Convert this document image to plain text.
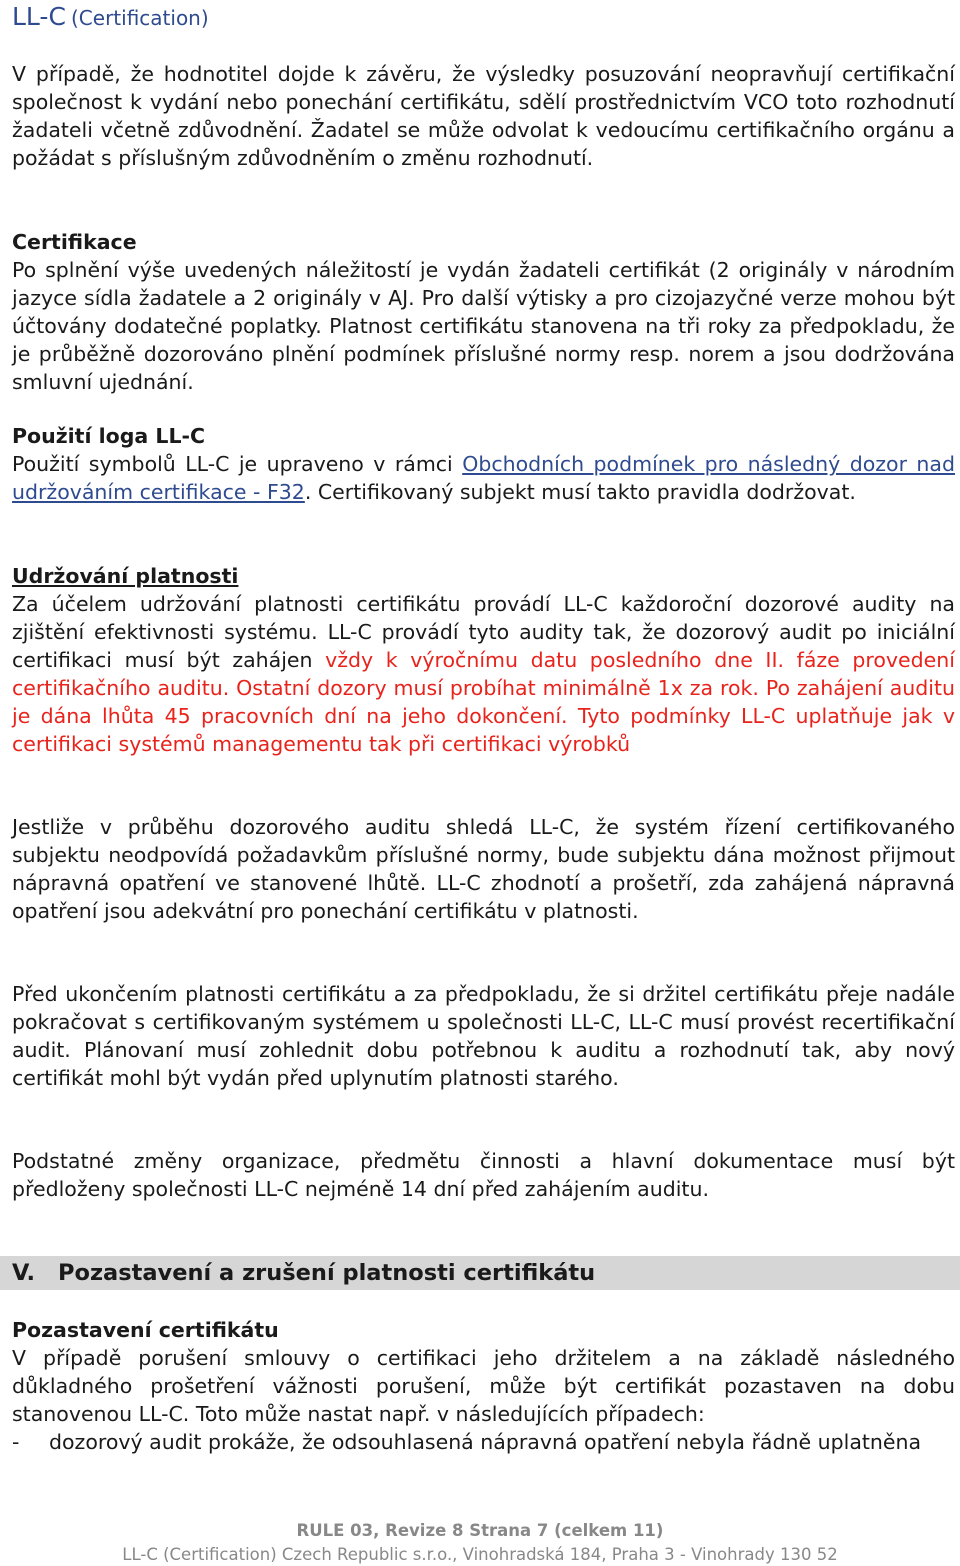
LL-C (Certification)
V případě, že hodnotitel dojde k závěru, že výsledky posuzování neopravňují certifikační společnost k vydání nebo ponechání certifikátu, sdělí prostřednictvím VCO toto rozhodnutí žadateli včetně zdůvodnění. Žadatel se může odvolat k vedoucímu certifikačního orgánu a požádat s příslušným zdůvodněním o změnu rozhodnutí.
Certifikace
Po splnění výše uvedených náležitostí je vydán žadateli certifikát (2 originály v národním jazyce sídla žadatele a 2 originály v AJ. Pro další výtisky a pro cizojazyčné verze mohou být účtovány dodatečné poplatky. Platnost certifikátu stanovena na tři roky za předpokladu, že je průběžně dozorováno plnění podmínek příslušné normy resp. norem a jsou dodržována smluvní ujednání.
Použití loga LL-C
Použití symbolů LL-C je upraveno v rámci Obchodních podmínek pro následný dozor nad udržováním certifikace - F32. Certifikovaný subjekt musí takto pravidla dodržovat.
Udržování platnosti
Za účelem udržování platnosti certifikátu provádí LL-C každoroční dozorové audity na zjištění efektivnosti systému. LL-C provádí tyto audity tak, že dozorový audit po iniciální certifikaci musí být zahájen vždy k výročnímu datu posledního dne II. fáze provedení certifikačního auditu. Ostatní dozory musí probíhat minimálně 1x za rok. Po zahájení auditu je dána lhůta 45 pracovních dní na jeho dokončení. Tyto podmínky LL-C uplatňuje jak v certifikaci systémů managementu tak při certifikaci výrobků
Jestliže v průběhu dozorového auditu shledá LL-C, že systém řízení certifikovaného subjektu neodpovídá požadavkům příslušné normy, bude subjektu dána možnost přijmout nápravná opatření ve stanovené lhůtě. LL-C zhodnotí a prošetří, zda zahájená nápravná opatření jsou adekvátní pro ponechání certifikátu v platnosti.
Před ukončením platnosti certifikátu a za předpokladu, že si držitel certifikátu přeje nadále pokračovat s certifikovaným systémem u společnosti LL-C, LL-C musí provést recertifikační audit. Plánovaní musí zohlednit dobu potřebnou k auditu a rozhodnutí tak, aby nový certifikát mohl být vydán před uplynutím platnosti starého.
Podstatné změny organizace, předmětu činnosti a hlavní dokumentace musí být předloženy společnosti LL-C nejméně 14 dní před zahájením auditu.
V. Pozastavení a zrušení platnosti certifikátu
Pozastavení certifikátu
V případě porušení smlouvy o certifikaci jeho držitelem a na základě následného důkladného prošetření vážnosti porušení, může být certifikát pozastaven na dobu stanovenou LL-C. Toto může nastat např. v následujících případech:
- dozorový audit prokáže, že odsouhlasená nápravná opatření nebyla řádně uplatněna
RULE 03, Revize 8 Strana 7 (celkem 11)
LL-C (Certification) Czech Republic s.r.o., Vinohradská 184, Praha 3 - Vinohrady 130 52
